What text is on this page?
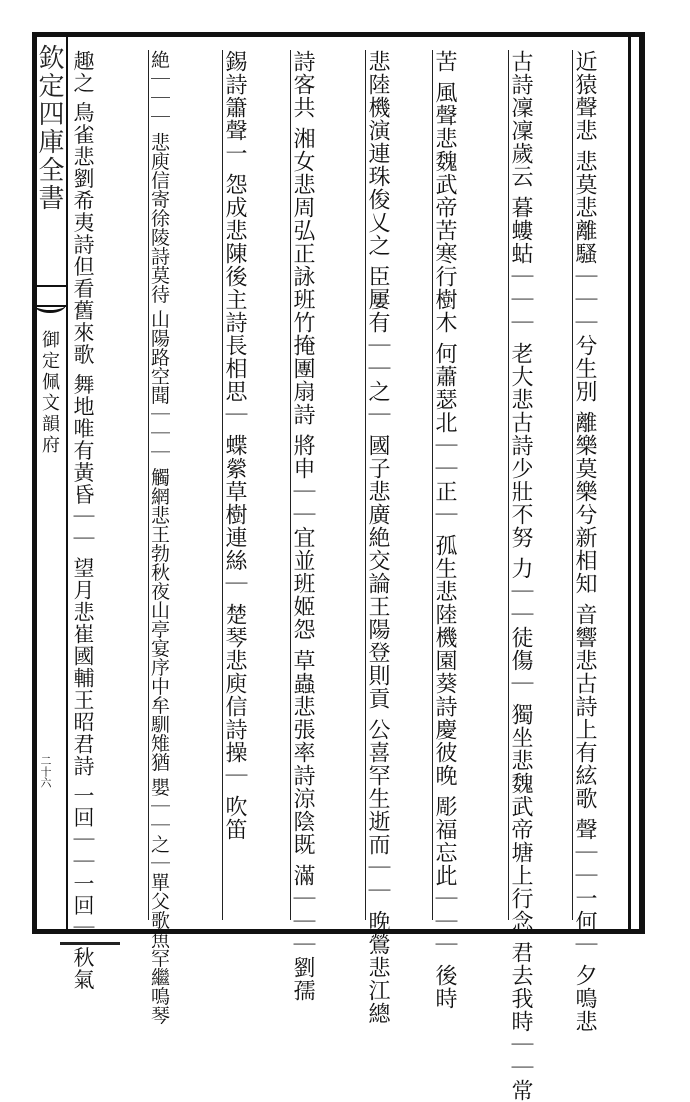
欽定四庫全書
御定佩文韻府
二十六	近猿聲悲 悲莫悲離騷｜｜｜兮生別 離樂莫樂兮新相知 音響悲古詩上有絃歌 聲｜｜一何｜ 夕鳴悲
古詩凜凜歲云 暮螻蛄｜｜｜ 老大悲古詩少壯不努 力｜｜徒傷｜ 獨坐悲魏武帝塘上行念 君去我時｜｜常
苦 風聲悲魏武帝苦寒行樹木 何蕭瑟北｜｜正｜ 孤生悲陸機園葵詩慶彼晚 彫福忘此｜｜｜ 後時
悲陸機演連珠俊乂之 臣屢有｜｜之｜ 國子悲廣絶交論王陽登則貢 公喜罕生逝而｜｜ 晚鶯悲江總
詩客共 湘女悲周弘正詠班竹掩團扇詩 將申｜｜宜並班姬怨 草蟲悲張率詩涼陰既 滿｜｜｜劉孺
錫詩簫聲一 怨成悲陳後主詩長相思｜ 蝶縈草樹連絲｜ 楚琴悲庾信詩操｜ 吹笛
絶｜｜｜ 悲庾信寄徐陵詩莫待 山陽路空聞｜｜｜ 觸網悲王勃秋夜山亭宴序中牟馴雉猶 嬰｜｜之｜單父歌魚罕繼鳴琴
趣之 鳥雀悲劉希夷詩但看舊來歌 舞地唯有黃昏｜｜ 望月悲崔國輔王昭君詩 一回｜｜一回｜ 秋氣
